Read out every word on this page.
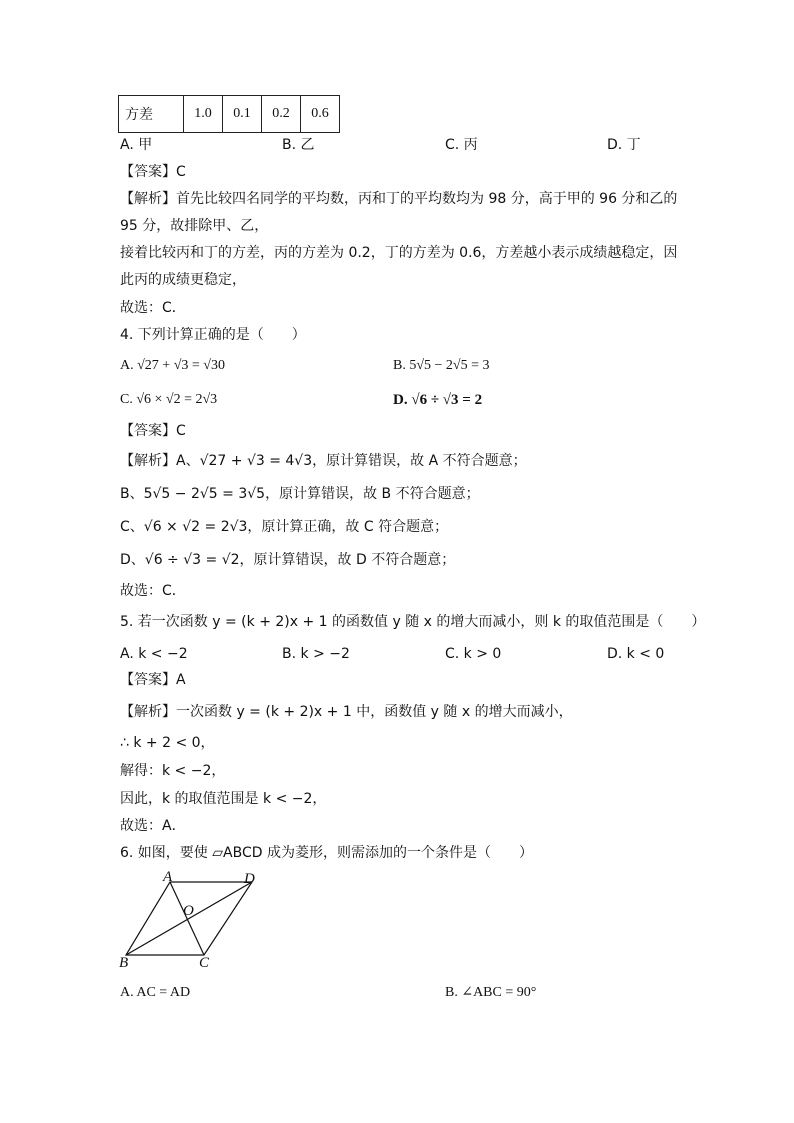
方差	1.0	0.1	0.2	0.6
A. 甲	B. 乙	C. 丙	D. 丁
【答案】C
【解析】首先比较四名同学的平均数，丙和丁的平均数均为 98 分，高于甲的 96 分和乙的
95 分，故排除甲、乙，
接着比较丙和丁的方差，丙的方差为 0.2，丁的方差为 0.6，方差越小表示成绩越稳定，因
此丙的成绩更稳定，
故选：C．
4. 下列计算正确的是（　　）
A. √27 + √3 = √30	B. 5√5 − 2√5 = 3
C. √6 × √2 = 2√3	D. √6 ÷ √3 = 2
【答案】C
【解析】A、√27 + √3 = 4√3，原计算错误，故 A 不符合题意；
B、5√5 − 2√5 = 3√5，原计算错误，故 B 不符合题意；
C、√6 × √2 = 2√3，原计算正确，故 C 符合题意；
D、√6 ÷ √3 = √2，原计算错误，故 D 不符合题意；
故选：C．
5. 若一次函数 y = (k + 2)x + 1 的函数值 y 随 x 的增大而减小，则 k 的取值范围是（　　）
A. k < −2	B. k > −2	C. k > 0	D. k < 0
【答案】A
【解析】一次函数 y = (k + 2)x + 1 中，函数值 y 随 x 的增大而减小，
∴ k + 2 < 0，
解得：k < −2，
因此，k 的取值范围是 k < −2，
故选：A．
6. 如图，要使 ▱ABCD 成为菱形，则需添加的一个条件是（　　）
A	D
B	C
O
A. AC = AD	B. ∠ABC = 90°
